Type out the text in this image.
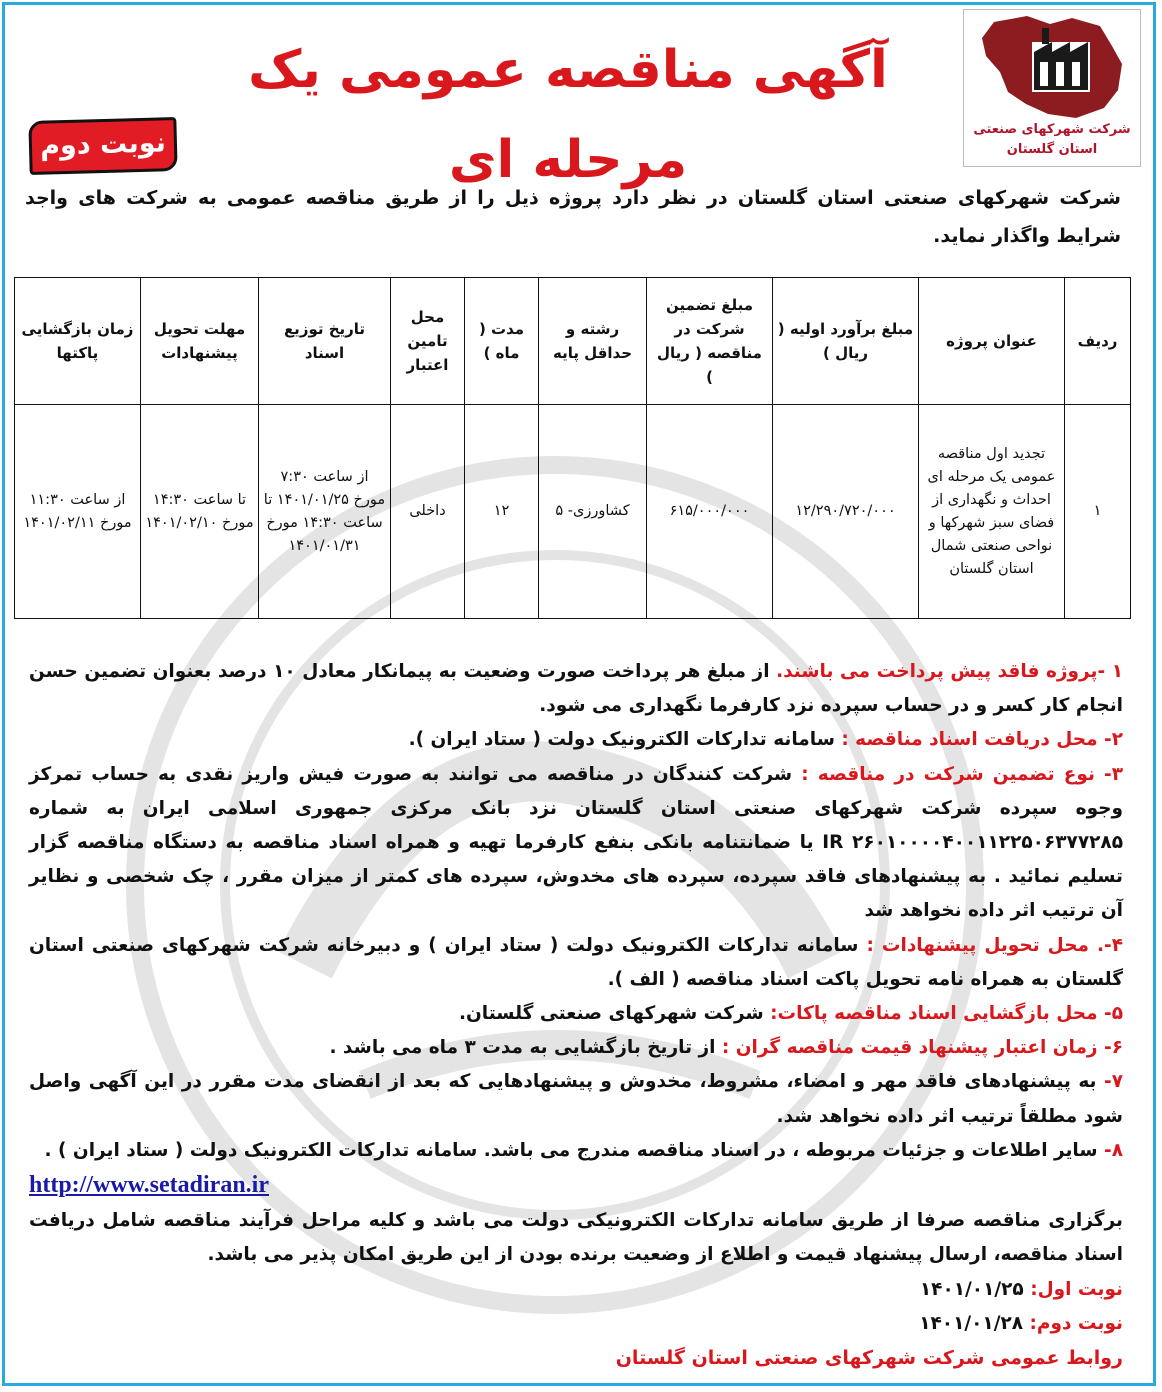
شرکت شهرکهای صنعتی
استان گلستان
آگهی مناقصه عمومی یک مرحله ای
نوبت دوم
شرکت شهرکهای صنعتی استان گلستان در نظر دارد پروژه ذیل را از طریق مناقصه عمومی به شرکت های واجد شرایط واگذار نماید.
ردیف	عنوان پروژه	مبلغ برآورد اولیه ( ریال )	مبلغ تضمین شرکت در مناقصه ( ریال )	رشته و حداقل پایه	مدت ( ماه )	محل تامین اعتبار	تاریخ توزیع اسناد	مهلت تحویل پیشنهادات	زمان بازگشایی پاکتها
۱	تجدید اول مناقصه عمومی یک مرحله ای احداث و نگهداری از فضای سبز شهرکها و نواحی صنعتی شمال استان گلستان	۱۲/۲۹۰/۷۲۰/۰۰۰	۶۱۵/۰۰۰/۰۰۰	کشاورزی- ۵	۱۲	داخلی	از ساعت ۷:۳۰ مورخ ۱۴۰۱/۰۱/۲۵ تا ساعت ۱۴:۳۰ مورخ ۱۴۰۱/۰۱/۳۱	تا ساعت ۱۴:۳۰ مورخ ۱۴۰۱/۰۲/۱۰	از ساعت ۱۱:۳۰ مورخ ۱۴۰۱/۰۲/۱۱

۱ -پروژه فاقد پیش پرداخت می باشند. از مبلغ هر پرداخت صورت وضعیت به پیمانکار معادل ۱۰ درصد بعنوان تضمین حسن انجام کار کسر و در حساب سپرده نزد کارفرما نگهداری می شود.

۲- محل دریافت اسناد مناقصه : سامانه تدارکات الکترونیک دولت ( ستاد ایران ).

۳- نوع تضمین شرکت در مناقصه : شرکت کنندگان در مناقصه می توانند به صورت فیش واریز نقدی به حساب تمرکز وجوه سپرده شرکت شهرکهای صنعتی استان گلستان نزد بانک مرکزی جمهوری اسلامی ایران به شماره ۲۶۰۱۰۰۰۰۴۰۰۱۱۲۲۵۰۶۳۷۷۲۸۵ IR یا ضمانتنامه بانکی بنفع کارفرما تهیه و همراه اسناد مناقصه به دستگاه مناقصه گزار تسلیم نمائید . به پیشنهادهای فاقد سپرده، سپرده های مخدوش، سپرده های کمتر از میزان مقرر ، چک شخصی و نظایر آن ترتیب اثر داده نخواهد شد

۴-. محل تحویل پیشنهادات : سامانه تدارکات الکترونیک دولت ( ستاد ایران ) و دبیرخانه شرکت شهرکهای صنعتی استان گلستان به همراه نامه تحویل پاکت اسناد مناقصه ( الف ).

۵- محل بازگشایی اسناد مناقصه پاکات: شرکت شهرکهای صنعتی گلستان.

۶- زمان اعتبار پیشنهاد قیمت مناقصه گران : از تاریخ بازگشایی به مدت ۳ ماه می باشد .

۷- به پیشنهادهای فاقد مهر و امضاء، مشروط، مخدوش و پیشنهادهایی که بعد از انقضای مدت مقرر در این آگهی واصل شود مطلقاً ترتیب اثر داده نخواهد شد.

۸- سایر اطلاعات و جزئیات مربوطه ، در اسناد مناقصه مندرج می باشد. سامانه تدارکات الکترونیک دولت ( ستاد ایران ) .

http://www.setadiran.ir

برگزاری مناقصه صرفا از طریق سامانه تدارکات الکترونیکی دولت می باشد و کلیه مراحل فرآیند مناقصه شامل دریافت اسناد مناقصه، ارسال پیشنهاد قیمت و اطلاع از وضعیت برنده بودن از این طریق امکان پذیر می باشد.

نوبت اول: ۱۴۰۱/۰۱/۲۵

نوبت دوم: ۱۴۰۱/۰۱/۲۸

روابط عمومی شرکت شهرکهای صنعتی استان گلستان
